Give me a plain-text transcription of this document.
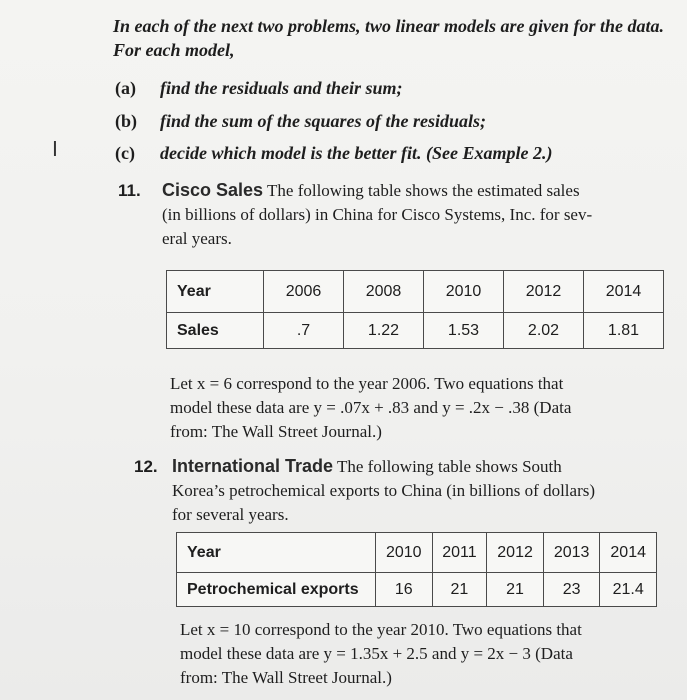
I

In each of the next two problems, two linear models are given for the data. For each model,

(a) find the residuals and their sum;
(b) find the sum of the squares of the residuals;
(c) decide which model is the better fit. (See Example 2.)
11. Cisco Sales The following table shows the estimated sales
(in billions of dollars) in China for Cisco Systems, Inc. for sev-
eral years.
Year	2006	2008	2010	2012	2014
Sales	.7	1.22	1.53	2.02	1.81
Let x = 6 correspond to the year 2006. Two equations that
model these data are y = .07x + .83 and y = .2x − .38 (Data
from: The Wall Street Journal.)
12. International Trade The following table shows South
Korea’s petrochemical exports to China (in billions of dollars)
for several years.
Year	2010	2011	2012	2013	2014
Petrochemical exports	16	21	21	23	21.4
Let x = 10 correspond to the year 2010. Two equations that
model these data are y = 1.35x + 2.5 and y = 2x − 3 (Data
from: The Wall Street Journal.)
